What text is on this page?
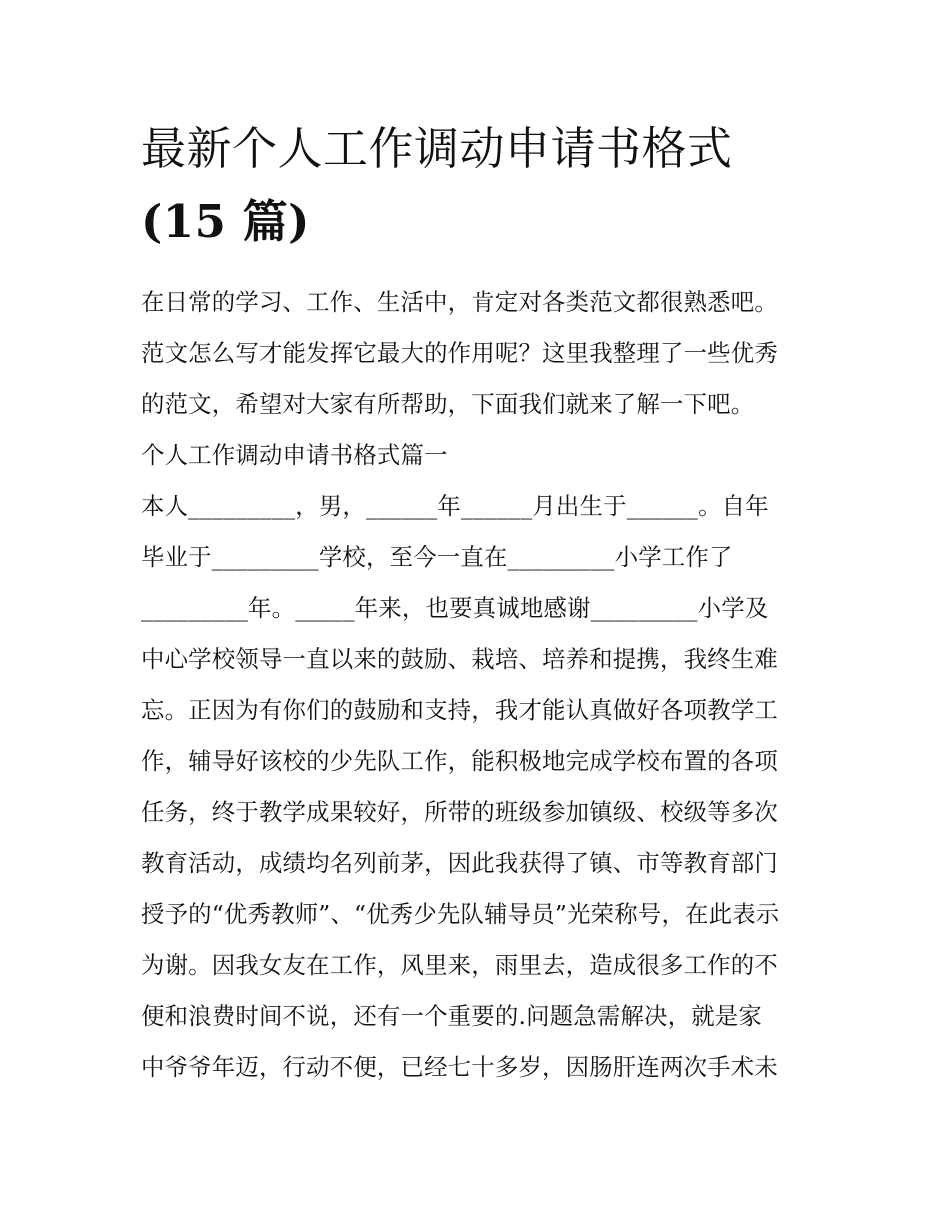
最新个人工作调动申请书格式
(15 篇)
在日常的学习、工作、生活中，肯定对各类范文都很熟悉吧。
范文怎么写才能发挥它最大的作用呢？这里我整理了一些优秀
的范文，希望对大家有所帮助，下面我们就来了解一下吧。
个人工作调动申请书格式篇一
本人_________，男，______年______月出生于______。自年
毕业于_________学校，至今一直在_________小学工作了
_________年。_____年来，也要真诚地感谢_________小学及
中心学校领导一直以来的鼓励、栽培、培养和提携，我终生难
忘。正因为有你们的鼓励和支持，我才能认真做好各项教学工
作，辅导好该校的少先队工作，能积极地完成学校布置的各项
任务，终于教学成果较好，所带的班级参加镇级、校级等多次
教育活动，成绩均名列前茅，因此我获得了镇、市等教育部门
授予的“优秀教师”、“优秀少先队辅导员”光荣称号，在此表示
为谢。因我女友在工作，风里来，雨里去，造成很多工作的不
便和浪费时间不说，还有一个重要的.问题急需解决，就是家
中爷爷年迈，行动不便，已经七十多岁，因肠肝连两次手术未
